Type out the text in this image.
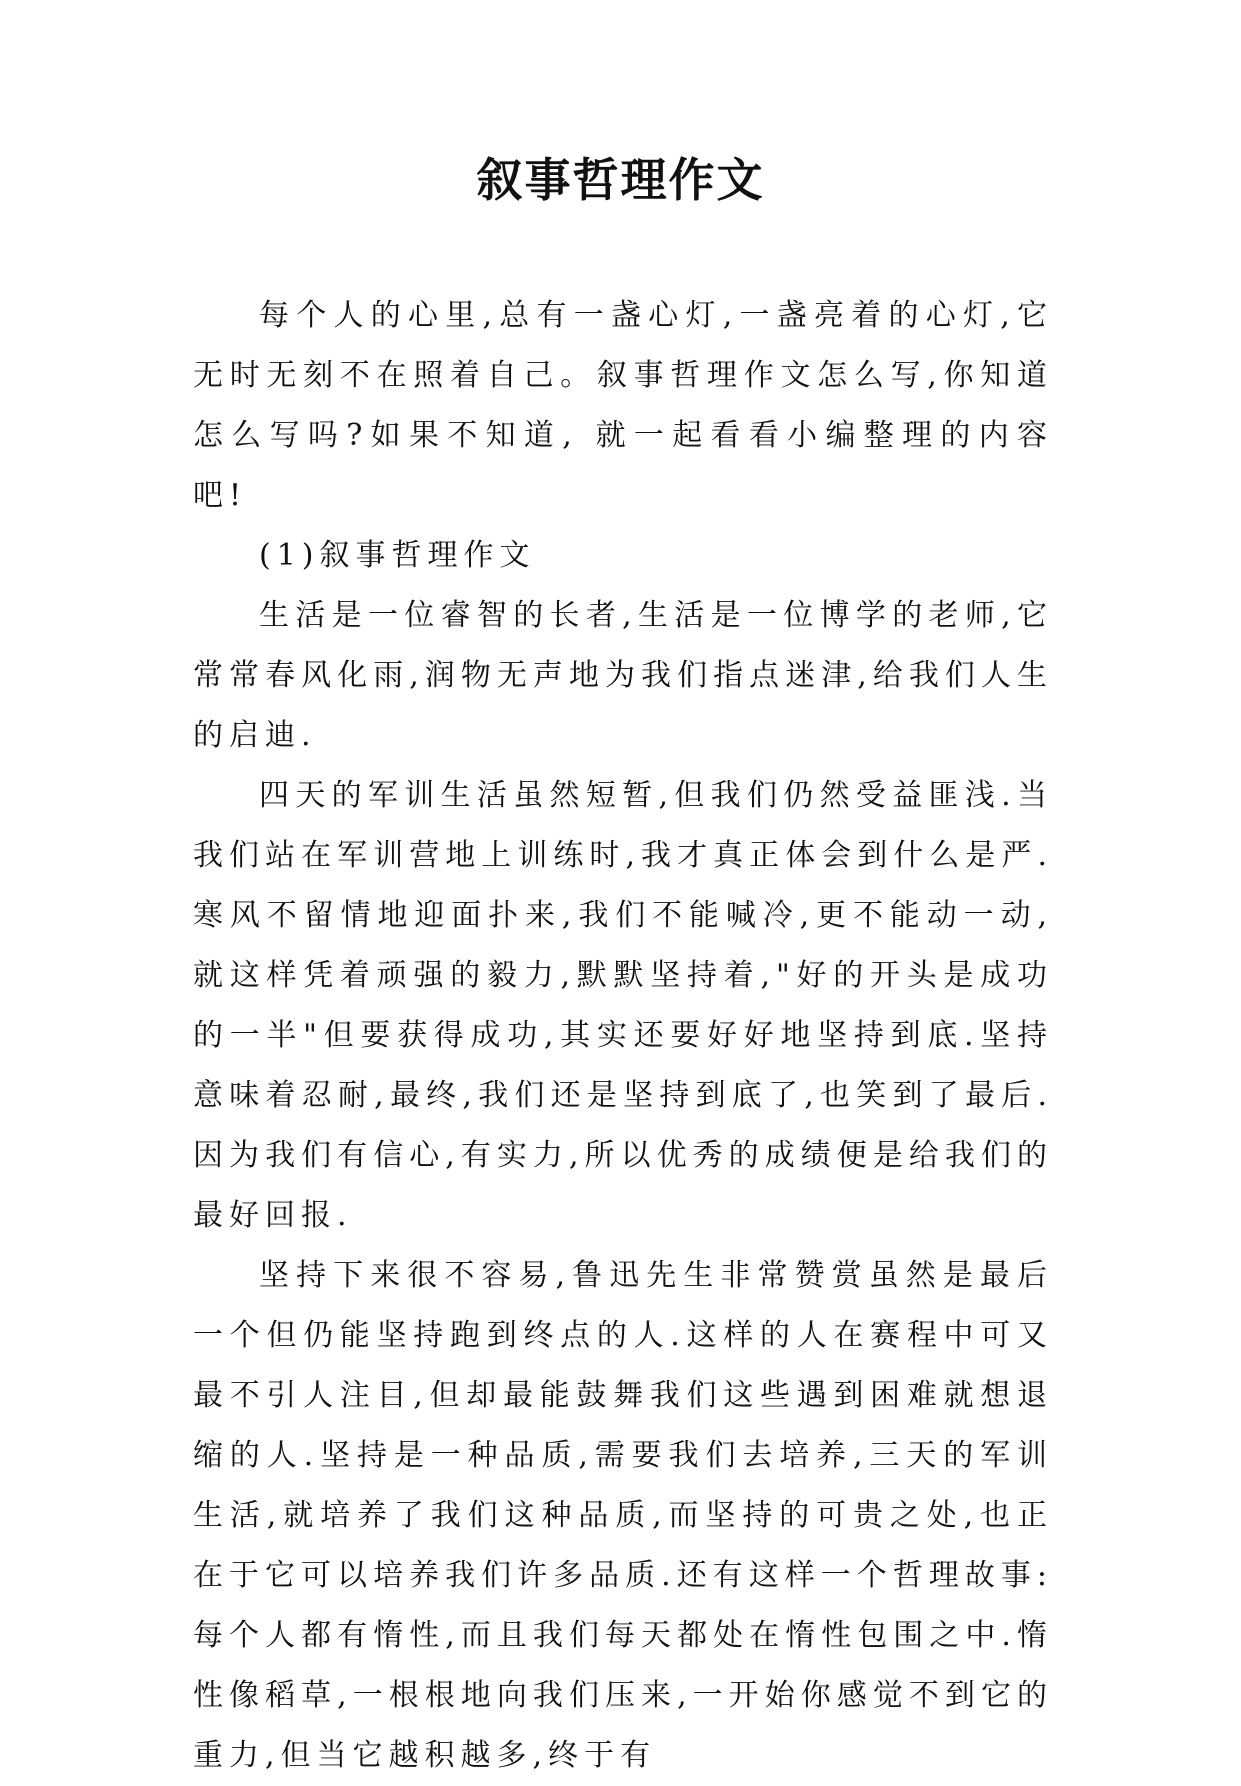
叙事哲理作文

每个人的心里,总有一盏心灯,一盏亮着的心灯,它无时无刻不在照着自己。叙事哲理作文怎么写,你知道怎么写吗?如果不知道, 就一起看看小编整理的内容吧!

(1)叙事哲理作文

生活是一位睿智的长者,生活是一位博学的老师,它常常春风化雨,润物无声地为我们指点迷津,给我们人生的启迪.

四天的军训生活虽然短暂,但我们仍然受益匪浅.当我们站在军训营地上训练时,我才真正体会到什么是严.寒风不留情地迎面扑来,我们不能喊冷,更不能动一动,就这样凭着顽强的毅力,默默坚持着,"好的开头是成功的一半"但要获得成功,其实还要好好地坚持到底.坚持意味着忍耐,最终,我们还是坚持到底了,也笑到了最后.因为我们有信心,有实力,所以优秀的成绩便是给我们的最好回报.

坚持下来很不容易,鲁迅先生非常赞赏虽然是最后一个但仍能坚持跑到终点的人.这样的人在赛程中可又最不引人注目,但却最能鼓舞我们这些遇到困难就想退缩的人.坚持是一种品质,需要我们去培养,三天的军训生活,就培养了我们这种品质,而坚持的可贵之处,也正在于它可以培养我们许多品质.还有这样一个哲理故事:每个人都有惰性,而且我们每天都处在惰性包围之中.惰性像稻草,一根根地向我们压来,一开始你感觉不到它的重力,但当它越积越多,终于有
